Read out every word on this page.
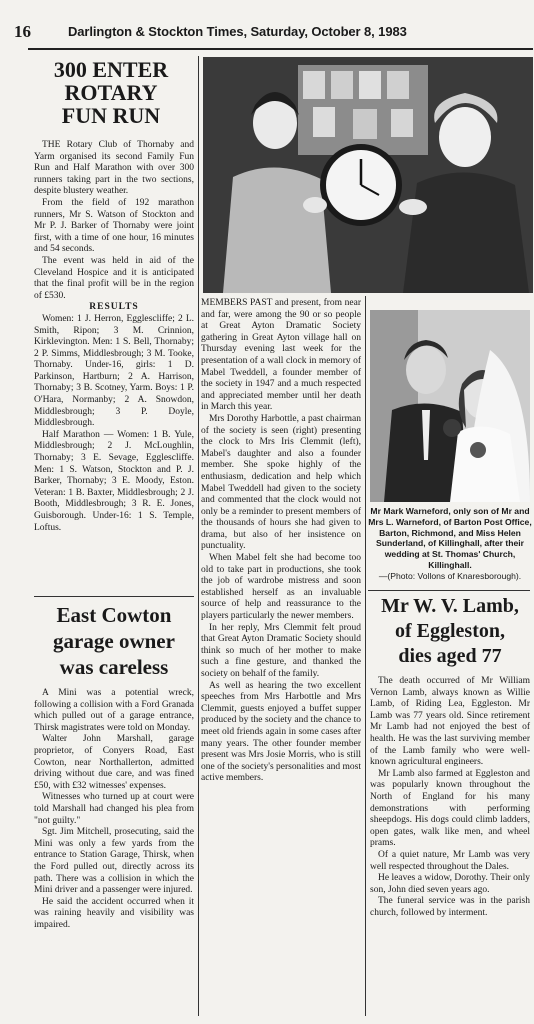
16	Darlington & Stockton Times, Saturday, October 8, 1983
300 ENTER
ROTARY
FUN RUN

THE Rotary Club of Thornaby and Yarm organised its second Family Fun Run and Half Marathon with over 300 runners taking part in the two sections, despite blustery weather.

From the field of 192 marathon runners, Mr S. Watson of Stockton and Mr P. J. Barker of Thornaby were joint first, with a time of one hour, 16 minutes and 54 seconds.

The event was held in aid of the Cleveland Hospice and it is anticipated that the final profit will be in the region of £530.

RESULTS

Women: 1 J. Herron, Egglescliffe; 2 L. Smith, Ripon; 3 M. Crinnion, Kirklevington. Men: 1 S. Bell, Thornaby; 2 P. Simms, Middlesbrough; 3 M. Tooke, Thornaby. Under-16, girls: 1 D. Parkinson, Hartburn; 2 A. Harrison, Thornaby; 3 B. Scotney, Yarm. Boys: 1 P. O'Hara, Normanby; 2 A. Snowdon, Middlesbrough; 3 P. Doyle, Middlesbrough.

Half Marathon — Women: 1 B. Yule, Middlesbrough; 2 J. McLoughlin, Thornaby; 3 E. Sevage, Egglescliffe. Men: 1 S. Watson, Stockton and P. J. Barker, Thornaby; 3 E. Moody, Eston. Veteran: 1 B. Baxter, Middlesbrough; 2 J. Booth, Middlesbrough; 3 R. E. Jones, Guisborough. Under-16: 1 S. Temple, Loftus.

East Cowton
garage owner
was careless

A Mini was a potential wreck, following a collision with a Ford Granada which pulled out of a garage entrance, Thirsk magistrates were told on Monday.

Walter John Marshall, garage proprietor, of Conyers Road, East Cowton, near Northallerton, admitted driving without due care, and was fined £50, with £32 witnesses' expenses.

Witnesses who turned up at court were told Marshall had changed his plea from "not guilty."

Sgt. Jim Mitchell, prosecuting, said the Mini was only a few yards from the entrance to Station Garage, Thirsk, when the Ford pulled out, directly across its path. There was a collision in which the Mini driver and a passenger were injured.

He said the accident occurred when it was raining heavily and visibility was impaired.

MEMBERS PAST and present, from near and far, were among the 90 or so people at Great Ayton Dramatic Society gathering in Great Ayton village hall on Thursday evening last week for the presentation of a wall clock in memory of Mabel Tweddell, a founder member of the society in 1947 and a much respected and appreciated member until her death in March this year.

Mrs Dorothy Harbottle, a past chairman of the society is seen (right) presenting the clock to Mrs Iris Clemmit (left), Mabel's daughter and also a founder member. She spoke highly of the enthusiasm, dedication and help which Mabel Tweddell had given to the society and commented that the clock would not only be a reminder to present members of the thousands of hours she had given to drama, but also of her insistence on punctuality.

When Mabel felt she had become too old to take part in productions, she took the job of wardrobe mistress and soon established herself as an invaluable source of help and reassurance to the players particularly the newer members.

In her reply, Mrs Clemmit felt proud that Great Ayton Dramatic Society should think so much of her mother to make such a fine gesture, and thanked the society on behalf of the family.

As well as hearing the two excellent speeches from Mrs Harbottle and Mrs Clemmit, guests enjoyed a buffet supper produced by the society and the chance to meet old friends again in some cases after many years. The other founder member present was Mrs Josie Morris, who is still one of the society's personalities and most active members.

Mr Mark Warneford, only son of Mr and Mrs L. Warneford, of Barton Post Office, Barton, Richmond, and Miss Helen Sunderland, of Killinghall, after their wedding at St. Thomas' Church, Killinghall.
—(Photo: Vollons of Knaresborough).
Mr W. V. Lamb,
of Eggleston,
dies aged 77

The death occurred of Mr William Vernon Lamb, always known as Willie Lamb, of Riding Lea, Eggleston. Mr Lamb was 77 years old. Since retirement Mr Lamb had not enjoyed the best of health. He was the last surviving member of the Lamb family who were well-known agricultural engineers.

Mr Lamb also farmed at Eggleston and was popularly known throughout the North of England for his many demonstrations with performing sheepdogs. His dogs could climb ladders, open gates, walk like men, and wheel prams.

Of a quiet nature, Mr Lamb was very well respected throughout the Dales.

He leaves a widow, Dorothy. Their only son, John died seven years ago.

The funeral service was in the parish church, followed by interment.
